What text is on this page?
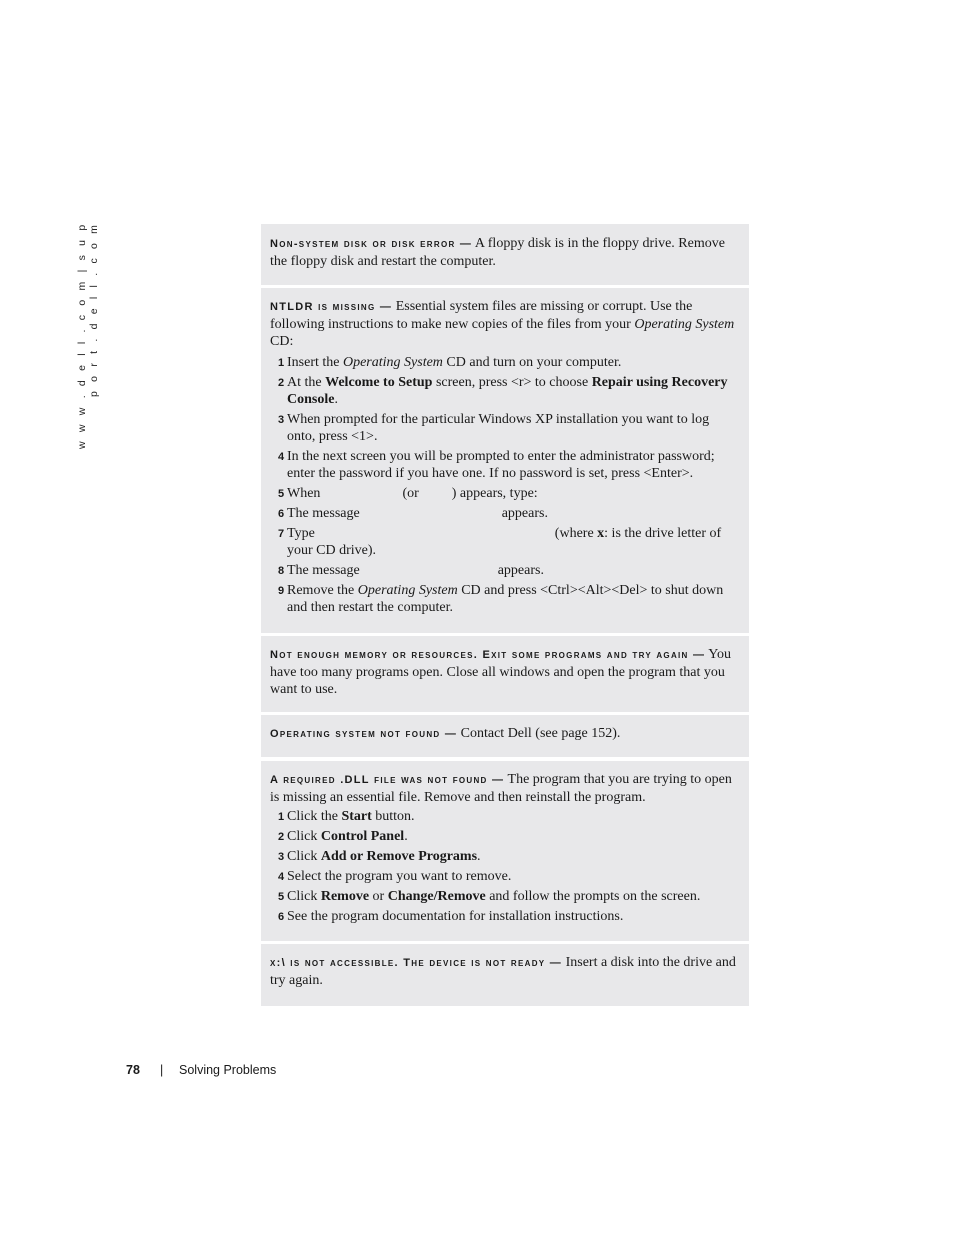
w w w . d e l l . c o m | s u p p o r t . d e l l . c o m	Non-system disk or disk error — A floppy disk is in the floppy drive. Remove the floppy disk and restart the computer.

NTLDR is missing — Essential system files are missing or corrupt. Use the following instructions to make new copies of the files from your Operating System CD:

1 Insert the Operating System CD and turn on your computer.
2 At the Welcome to Setup screen, press <r> to choose Repair using Recovery Console.
3 When prompted for the particular Windows XP installation you want to log onto, press <1>.
4 In the next screen you will be prompted to enter the administrator password; enter the password if you have one. If no password is set, press <Enter>.
5 When	(or ) appears, type:
6 The message	appears.
7 Type	(where x: is the drive letter of your CD drive).
8 The message	appears.
9 Remove the Operating System CD and press <Ctrl><Alt><Del> to shut down and then restart the computer.

Not enough memory or resources. Exit some programs and try again — You have too many programs open. Close all windows and open the program that you want to use.

Operating system not found — Contact Dell (see page 152).

A required .DLL file was not found — The program that you are trying to open is missing an essential file. Remove and then reinstall the program.

1 Click the Start button.
2 Click Control Panel.
3 Click Add or Remove Programs.
4 Select the program you want to remove.
5 Click Remove or Change/Remove and follow the prompts on the screen.
6 See the program documentation for installation instructions.

x:\ is not accessible. The device is not ready — Insert a disk into the drive and try again.

78 | Solving Problems
